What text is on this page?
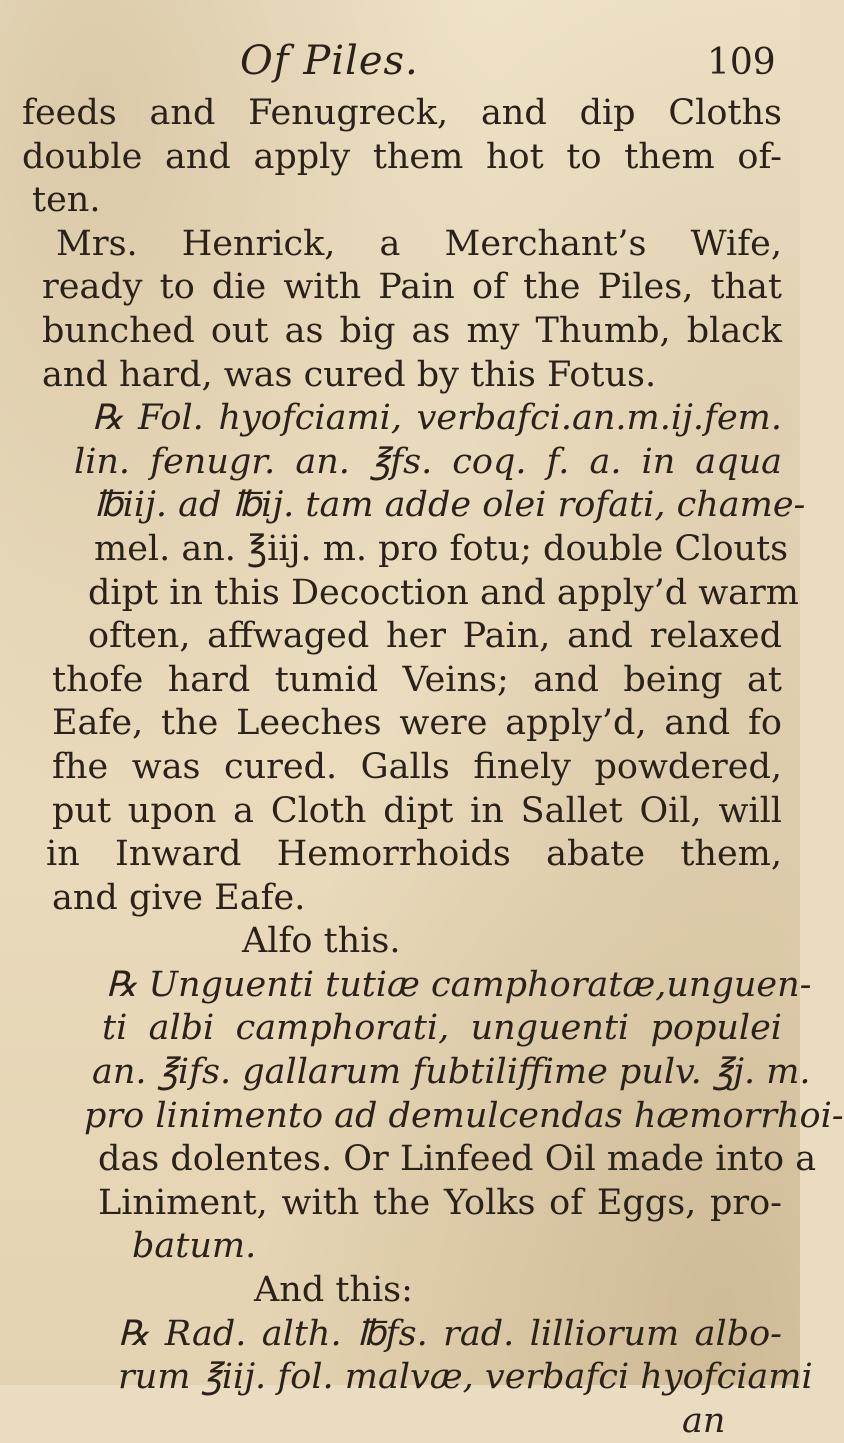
Of Piles.	109
feeds and Fenugreck, and dip Cloths
double and apply them hot to them of-
ten.
Mrs. Henrick, a Merchant’s Wife,
ready to die with Pain of the Piles, that
bunched out as big as my Thumb, black
and hard, was cured by this Fotus.
℞ Fol. hyofciami, verbafci.an.m.ij.fem.
lin. fenugr. an. ℥fs. coq. f. a. in aqua
℔iij. ad ℔ij. tam adde olei rofati, chame-
mel. an. ℥iij. m. pro fotu; double Clouts
dipt in this Decoction and apply’d warm
often, affwaged her Pain, and relaxed
thofe hard tumid Veins; and being at
Eafe, the Leeches were apply’d, and fo
fhe was cured. Galls finely powdered,
put upon a Cloth dipt in Sallet Oil, will
in Inward Hemorrhoids abate them,
and give Eafe.
Alfo this.
℞ Unguenti tutiæ camphoratæ,unguen-
ti albi camphorati, unguenti populei
an. ℥ifs. gallarum fubtiliffime pulv. ℥j. m.
pro linimento ad demulcendas hæmorrhoi-
das dolentes. Or Linfeed Oil made into a
Liniment, with the Yolks of Eggs, pro-
batum.
And this:
℞ Rad. alth. ℔fs. rad. lilliorum albo-
rum ℥iij. fol. malvæ, verbafci hyofciami
an
